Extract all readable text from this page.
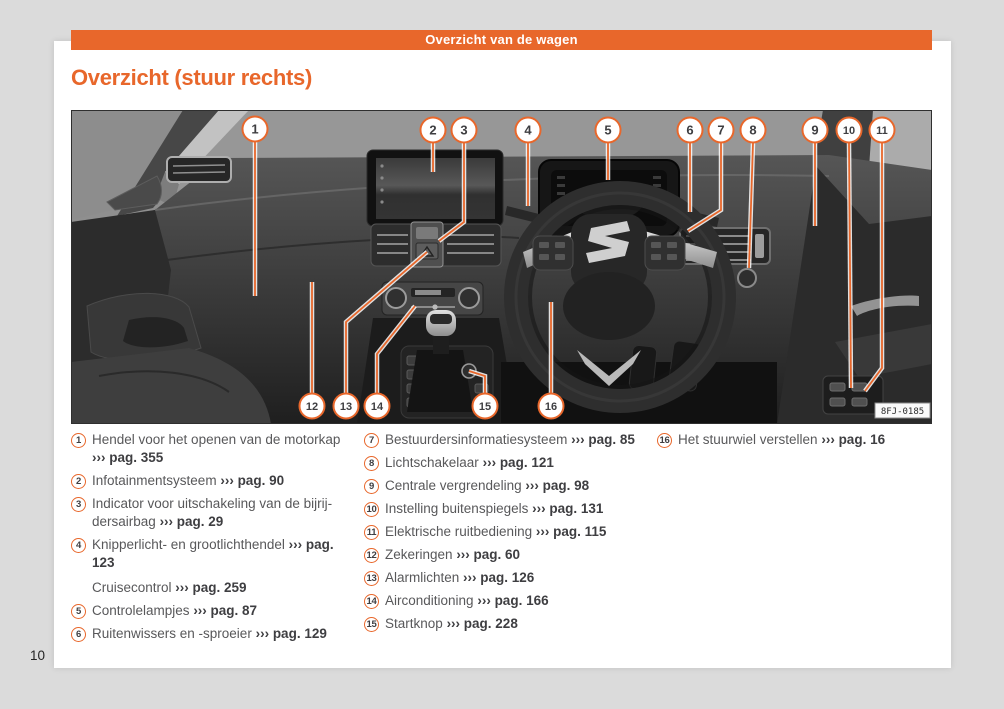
Overzicht van de wagen
Overzicht (stuur rechts)
8FJ-0185
1	2 3	4	5	6 7 8	9 10 11
12 13 14	15	16
1 Hendel voor het openen van de motorkap ››› pag. 355

2 Infotainmentsysteem ››› pag. 90

3 Indicator voor uitschakeling van de bijrijdersairbag ››› pag. 29

4 Knipperlicht- en grootlichthendel ››› pag. 123

Cruisecontrol ››› pag. 259

5 Controlelampjes ››› pag. 87

6 Ruitenwissers en -sproeier ››› pag. 129

7 Bestuurdersinformatiesysteem ››› pag. 85

8 Lichtschakelaar ››› pag. 121

9 Centrale vergrendeling ››› pag. 98

10 Instelling buitenspiegels ››› pag. 131

11 Elektrische ruitbediening ››› pag. 115

12 Zekeringen ››› pag. 60

13 Alarmlichten ››› pag. 126

14 Airconditioning ››› pag. 166

15 Startknop ››› pag. 228

16 Het stuurwiel verstellen ››› pag. 16

10
